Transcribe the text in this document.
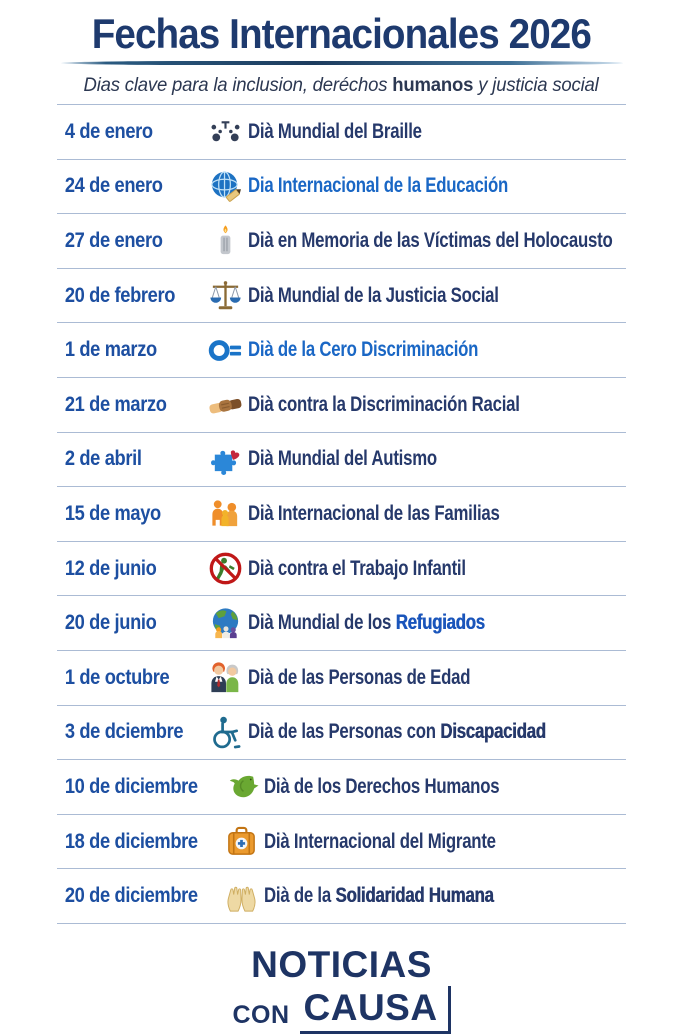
Fechas Internacionales 2026
Dias clave para la inclusion, deréchos humanos y justicia social
4 de enero	Dià Mundial del Braille
24 de enero	Dia Internacional de la Educación
27 de enero	Dià en Memoria de las Víctimas del Holocausto
20 de febrero	Dià Mundial de la Justicia Social
1 de marzo	Dià de la Cero Discriminación
21 de marzo	Dià contra la Discriminación Racial
2 de abril	Dià Mundial del Autismo
15 de mayo	Dià Internacional de las Familias
12 de junio	Dià contra el Trabajo Infantil
20 de junio	Dià Mundial de los Refugiados
1 de octubre	Dià de las Personas de Edad
3 de dciembre	Dià de las Personas con Discapacidad
10 de diciembre	Dià de los Derechos Humanos
18 de diciembre	Dià Internacional del Migrante
20 de diciembre	Dià de la Solidaridad Humana
NOTICIAS
CON CAUSA
